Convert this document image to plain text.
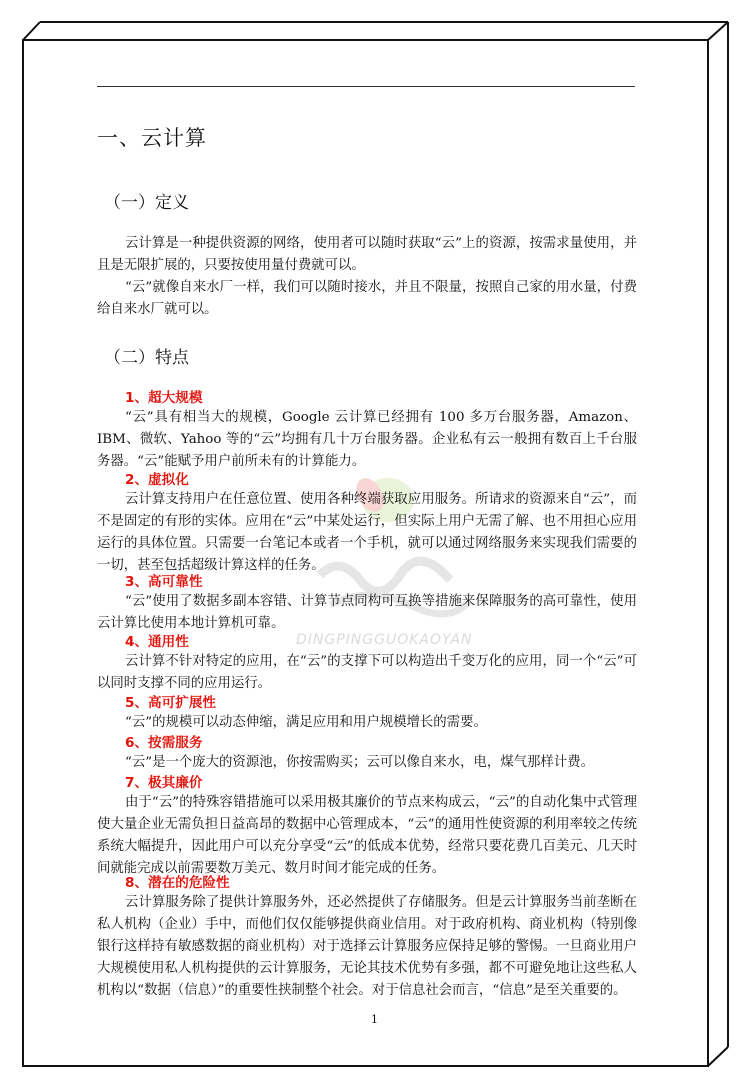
DINGPINGGUOKAOYAN
一、云计算
（一）定义

云计算是一种提供资源的网络，使用者可以随时获取“云”上的资源，按需求量使用，并且是无限扩展的，只要按使用量付费就可以。

“云”就像自来水厂一样，我们可以随时接水，并且不限量，按照自己家的用水量，付费给自来水厂就可以。

（二）特点
1、超大规模

“云”具有相当大的规模，Google 云计算已经拥有 100 多万台服务器，Amazon、IBM、微软、Yahoo 等的“云”均拥有几十万台服务器。企业私有云一般拥有数百上千台服务器。“云”能赋予用户前所未有的计算能力。

2、虚拟化

云计算支持用户在任意位置、使用各种终端获取应用服务。所请求的资源来自“云”，而不是固定的有形的实体。应用在“云”中某处运行，但实际上用户无需了解、也不用担心应用运行的具体位置。只需要一台笔记本或者一个手机，就可以通过网络服务来实现我们需要的一切，甚至包括超级计算这样的任务。

3、高可靠性

“云”使用了数据多副本容错、计算节点同构可互换等措施来保障服务的高可靠性，使用云计算比使用本地计算机可靠。

4、通用性

云计算不针对特定的应用，在“云”的支撑下可以构造出千变万化的应用，同一个“云”可以同时支撑不同的应用运行。

5、高可扩展性

“云”的规模可以动态伸缩，满足应用和用户规模增长的需要。

6、按需服务

“云”是一个庞大的资源池，你按需购买；云可以像自来水，电，煤气那样计费。

7、极其廉价

由于“云”的特殊容错措施可以采用极其廉价的节点来构成云，“云”的自动化集中式管理使大量企业无需负担日益高昂的数据中心管理成本，“云”的通用性使资源的利用率较之传统系统大幅提升，因此用户可以充分享受“云”的低成本优势，经常只要花费几百美元、几天时间就能完成以前需要数万美元、数月时间才能完成的任务。

8、潜在的危险性

云计算服务除了提供计算服务外，还必然提供了存储服务。但是云计算服务当前垄断在私人机构（企业）手中，而他们仅仅能够提供商业信用。对于政府机构、商业机构（特别像银行这样持有敏感数据的商业机构）对于选择云计算服务应保持足够的警惕。一旦商业用户大规模使用私人机构提供的云计算服务，无论其技术优势有多强，都不可避免地让这些私人机构以“数据（信息）”的重要性挟制整个社会。对于信息社会而言，“信息”是至关重要的。

1
